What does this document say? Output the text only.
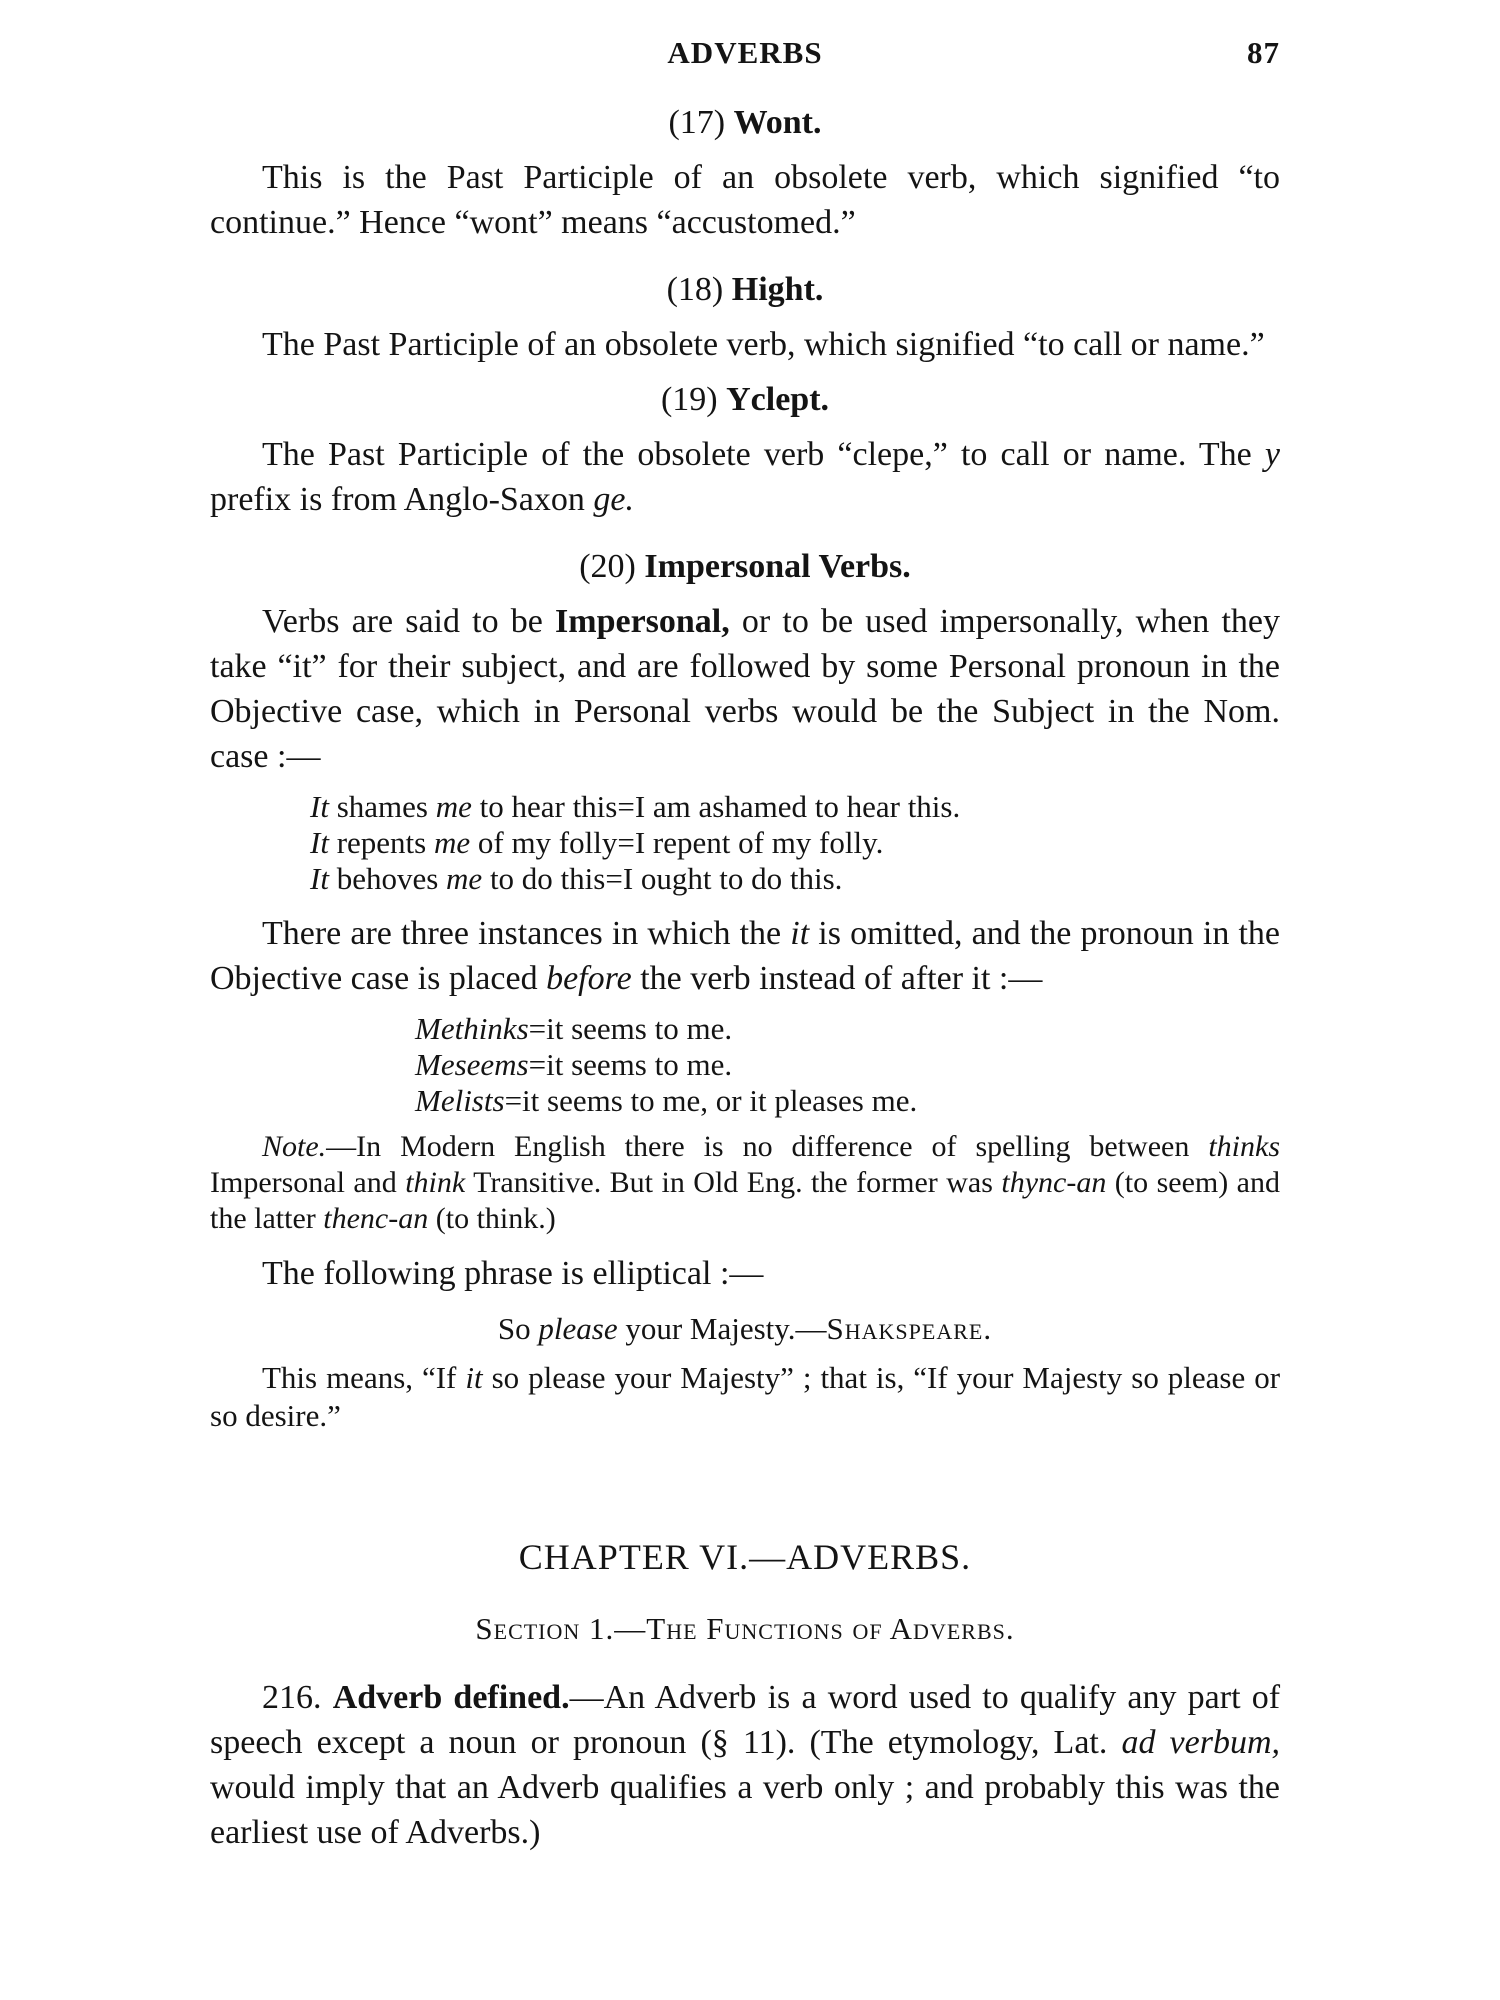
ADVERBS	87
(17) Wont.

This is the Past Participle of an obsolete verb, which signified “to continue.” Hence “wont” means “accustomed.”

(18) Hight.

The Past Participle of an obsolete verb, which signified “to call or name.”

(19) Yclept.

The Past Participle of the obsolete verb “clepe,” to call or name. The y prefix is from Anglo-Saxon ge.

(20) Impersonal Verbs.

Verbs are said to be Impersonal, or to be used impersonally, when they take “it” for their subject, and are followed by some Personal pronoun in the Objective case, which in Personal verbs would be the Subject in the Nom. case :—

It shames me to hear this=I am ashamed to hear this.
It repents me of my folly=I repent of my folly.
It behoves me to do this=I ought to do this.

There are three instances in which the it is omitted, and the pronoun in the Objective case is placed before the verb instead of after it :—

Methinks=it seems to me.
Meseems=it seems to me.
Melists=it seems to me, or it pleases me.
Note.—In Modern English there is no difference of spelling between thinks Impersonal and think Transitive. But in Old Eng. the former was thync-an (to seem) and the latter thenc-an (to think.)

The following phrase is elliptical :—

So please your Majesty.—Shakspeare.
This means, “If it so please your Majesty” ; that is, “If your Majesty so please or so desire.”
CHAPTER VI.—ADVERBS.
Section 1.—The Functions of Adverbs.

216. Adverb defined.—An Adverb is a word used to qualify any part of speech except a noun or pronoun (§ 11). (The etymology, Lat. ad verbum, would imply that an Adverb qualifies a verb only ; and probably this was the earliest use of Adverbs.)
